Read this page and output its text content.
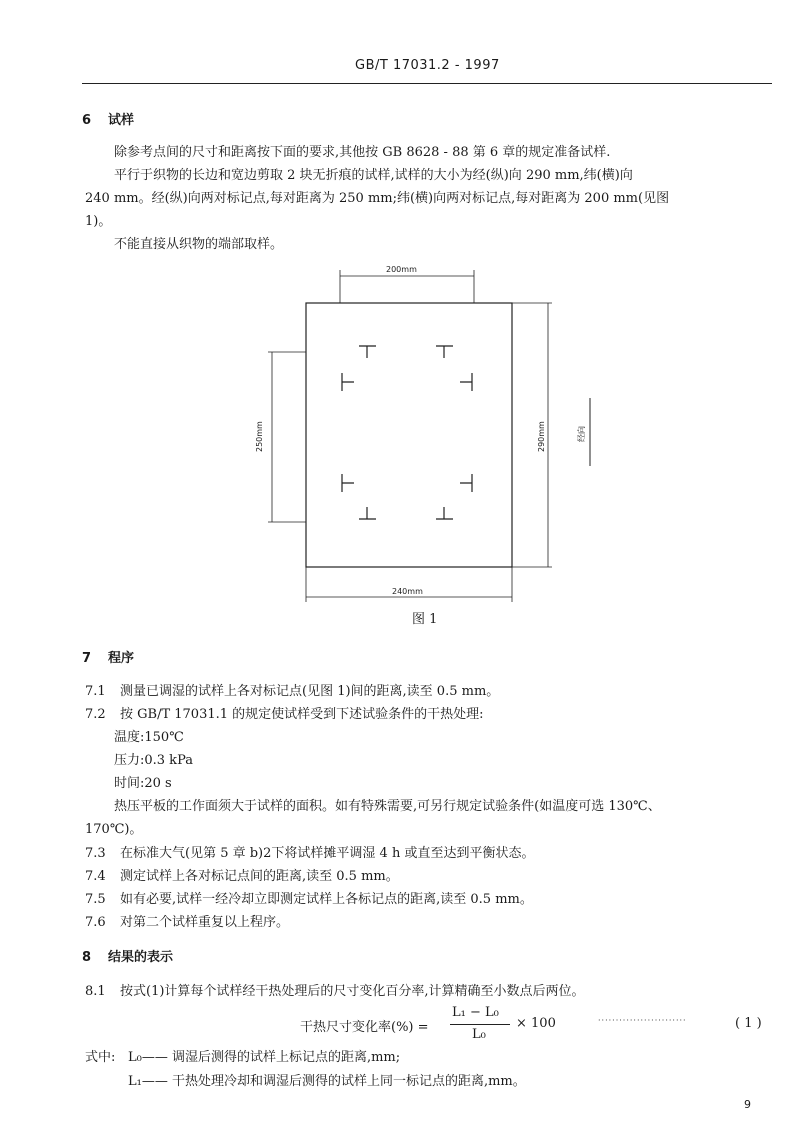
GB/T 17031.2 - 1997
6 试样
除参考点间的尺寸和距离按下面的要求,其他按 GB 8628 - 88 第 6 章的规定准备试样.
平行于织物的长边和宽边剪取 2 块无折痕的试样,试样的大小为经(纵)向 290 mm,纬(横)向
240 mm。经(纵)向两对标记点,每对距离为 250 mm;纬(横)向两对标记点,每对距离为 200 mm(见图
1)。
不能直接从织物的端部取样。
200mm
240mm
250mm	290mm	经向
图 1
7 程序
7.1 测量已调湿的试样上各对标记点(见图 1)间的距离,读至 0.5 mm。
7.2 按 GB/T 17031.1 的规定使试样受到下述试验条件的干热处理:
温度:150℃
压力:0.3 kPa
时间:20 s
热压平板的工作面须大于试样的面积。如有特殊需要,可另行规定试验条件(如温度可选 130℃、
170℃)。
7.3 在标准大气(见第 5 章 b)2下将试样摊平调湿 4 h 或直至达到平衡状态。
7.4 测定试样上各对标记点间的距离,读至 0.5 mm。
7.5 如有必要,试样一经冷却立即测定试样上各标记点的距离,读至 0.5 mm。
7.6 对第二个试样重复以上程序。
8 结果的表示
8.1 按式(1)计算每个试样经干热处理后的尺寸变化百分率,计算精确至小数点后两位。
干热尺寸变化率(%) =
L₁ − L₀
L₀
× 100	·························	( 1 )
式中: L₀—— 调湿后测得的试样上标记点的距离,mm;
L₁—— 干热处理冷却和调湿后测得的试样上同一标记点的距离,mm。
9
